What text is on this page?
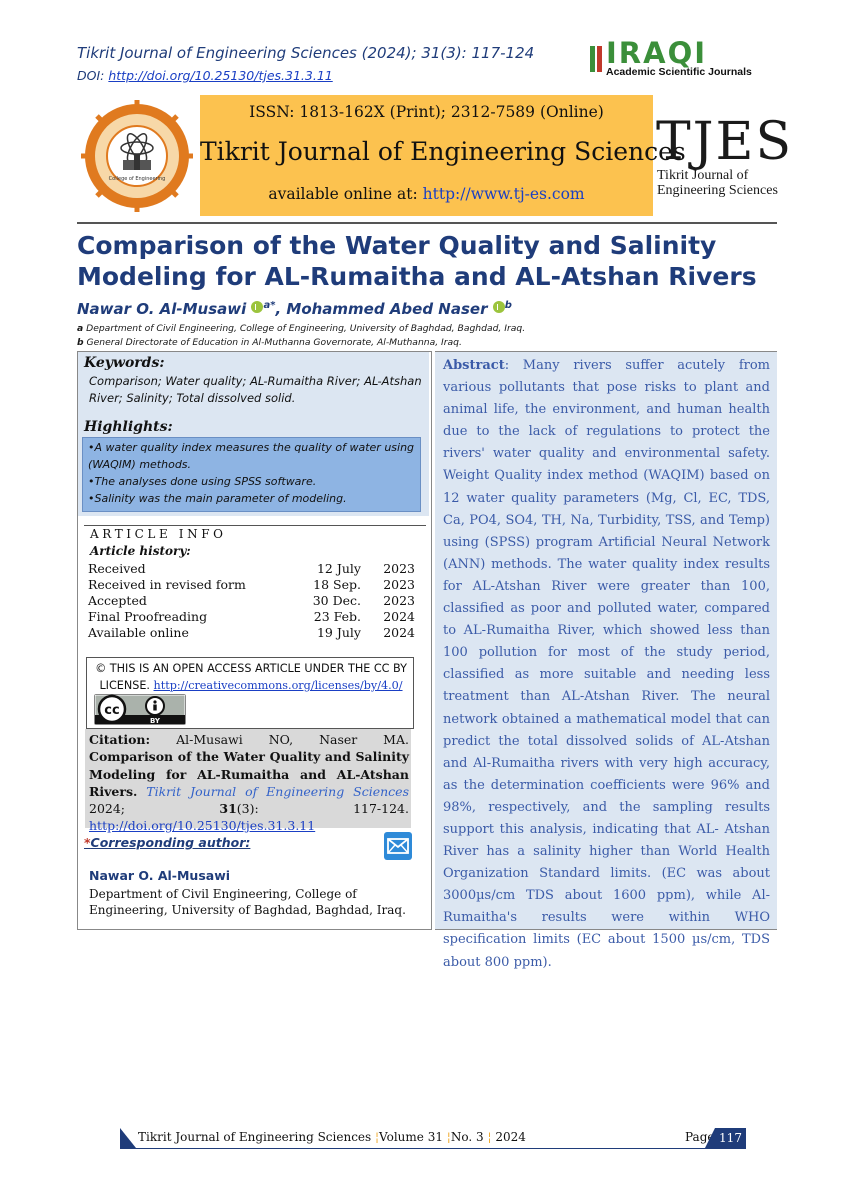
Tikrit Journal of Engineering Sciences (2024); 31(3): 117-124
DOI: http://doi.org/10.25130/tjes.31.3.11
IRAQI
Academic Scientific Journals
College of Engineering
ISSN: 1813-162X (Print); 2312-7589 (Online)
Tikrit Journal of Engineering Sciences
available online at: http://www.tj-es.com
TJES
Tikrit Journal of
Engineering Sciences
Comparison of the Water Quality and Salinity Modeling for AL-Rumaitha and AL-Atshan Rivers
Nawar O. Al-Musawi $^{a*}$, Mohammed Abed Naser $^b$
a Department of Civil Engineering, College of Engineering, University of Baghdad, Baghdad, Iraq.
b General Directorate of Education in Al-Muthanna Governorate, Al-Muthanna, Iraq.
Keywords:
Comparison; Water quality; AL-Rumaitha River; AL-Atshan River; Salinity; Total dissolved solid.
Highlights:
• A water quality index measures the quality of water using (WAQIM) methods.
• The analyses done using SPSS software.
• Salinity was the main parameter of modeling.
ARTICLE INFO
Article history:
Received	12 July 2023
Received in revised form	18 Sep. 2023
Accepted	30 Dec. 2023
Final Proofreading	23 Feb. 2024
Available online	19 July 2024
© THIS IS AN OPEN ACCESS ARTICLE UNDER THE CC BY LICENSE. http://creativecommons.org/licenses/by/4.0/
cc
BY
Citation: Al-Musawi NO, Naser MA. Comparison of the Water Quality and Salinity Modeling for AL-Rumaitha and AL-Atshan Rivers. Tikrit Journal of Engineering Sciences 2024;	31(3): 117-124. http://doi.org/10.25130/tjes.31.3.11
*Corresponding author:
Nawar O. Al-Musawi
Department of Civil Engineering, College of Engineering, University of Baghdad, Baghdad, Iraq.
Abstract: Many rivers suffer acutely from various pollutants that pose risks to plant and animal life, the environment, and human health due to the lack of regulations to protect the rivers' water quality and environmental safety. Weight Quality index method (WAQIM) based on 12 water quality parameters (Mg, Cl, EC, TDS, Ca, PO4, SO4, TH, Na, Turbidity, TSS, and Temp) using (SPSS) program Artificial Neural Network (ANN) methods. The water quality index results for AL-Atshan River were greater than 100, classified as poor and polluted water, compared to AL-Rumaitha River, which showed less than 100 pollution for most of the study period, classified as more suitable and needing less treatment than AL-Atshan River. The neural network obtained a mathematical model that can predict the total dissolved solids of AL-Atshan and Al-Rumaitha rivers with very high accuracy, as the determination coefficients were 96% and 98%, respectively, and the sampling results support this analysis, indicating that AL- Atshan River has a salinity higher than World Health Organization Standard limits. (EC was about 3000µs/cm TDS about 1600 ppm), while Al-Rumaitha's results were within WHO specification limits (EC about 1500 µs/cm, TDS about 800 ppm).
Tikrit Journal of Engineering Sciences ¦Volume 31 ¦No. 3 ¦ 2024	Page 117
